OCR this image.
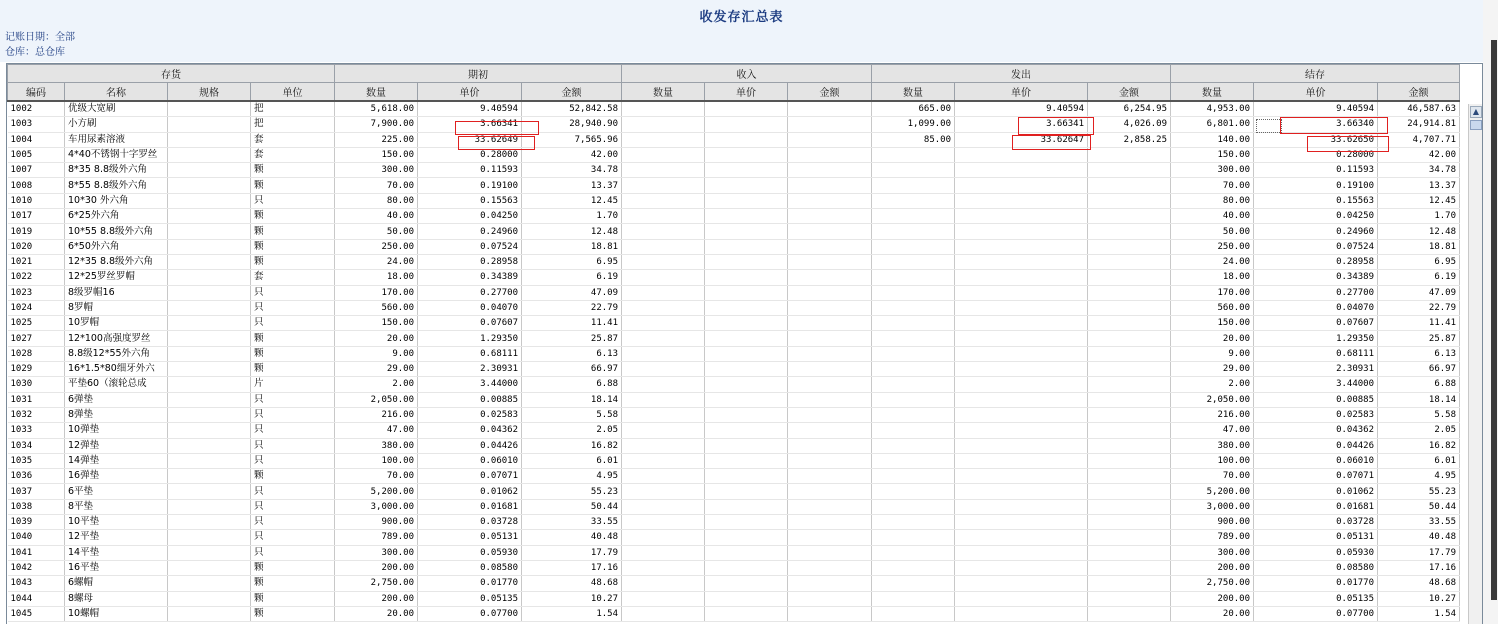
收发存汇总表
记账日期：全部
仓库：总仓库
存货				期初			收入			发出			结存		
编码	名称	规格	单位	数量	单价	金额	数量	单价	金额	数量	单价	金额	数量	单价	金额
1002	优级大宽刷		把	5,618.00	9.40594	52,842.58				665.00	9.40594	6,254.95	4,953.00	9.40594	46,587.63
1003	小方刷		把	7,900.00	3.66341	28,940.90				1,099.00	3.66341	4,026.09	6,801.00	3.66340	24,914.81
1004	车用尿素溶液		套	225.00	33.62649	7,565.96				85.00	33.62647	2,858.25	140.00	33.62650	4,707.71
1005	4*40不锈钢十字罗丝		套	150.00	0.28000	42.00							150.00	0.28000	42.00
1007	8*35 8.8级外六角		颗	300.00	0.11593	34.78							300.00	0.11593	34.78
1008	8*55 8.8级外六角		颗	70.00	0.19100	13.37							70.00	0.19100	13.37
1010	10*30 外六角		只	80.00	0.15563	12.45							80.00	0.15563	12.45
1017	6*25外六角		颗	40.00	0.04250	1.70							40.00	0.04250	1.70
1019	10*55 8.8级外六角		颗	50.00	0.24960	12.48							50.00	0.24960	12.48
1020	6*50外六角		颗	250.00	0.07524	18.81							250.00	0.07524	18.81
1021	12*35 8.8级外六角		颗	24.00	0.28958	6.95							24.00	0.28958	6.95
1022	12*25罗丝罗帽		套	18.00	0.34389	6.19							18.00	0.34389	6.19
1023	8级罗帽16		只	170.00	0.27700	47.09							170.00	0.27700	47.09
1024	8罗帽		只	560.00	0.04070	22.79							560.00	0.04070	22.79
1025	10罗帽		只	150.00	0.07607	11.41							150.00	0.07607	11.41
1027	12*100高强度罗丝		颗	20.00	1.29350	25.87							20.00	1.29350	25.87
1028	8.8级12*55外六角		颗	9.00	0.68111	6.13							9.00	0.68111	6.13
1029	16*1.5*80细牙外六		颗	29.00	2.30931	66.97							29.00	2.30931	66.97
1030	平垫60（滚轮总成		片	2.00	3.44000	6.88							2.00	3.44000	6.88
1031	6弹垫		只	2,050.00	0.00885	18.14							2,050.00	0.00885	18.14
1032	8弹垫		只	216.00	0.02583	5.58							216.00	0.02583	5.58
1033	10弹垫		只	47.00	0.04362	2.05							47.00	0.04362	2.05
1034	12弹垫		只	380.00	0.04426	16.82							380.00	0.04426	16.82
1035	14弹垫		只	100.00	0.06010	6.01							100.00	0.06010	6.01
1036	16弹垫		颗	70.00	0.07071	4.95							70.00	0.07071	4.95
1037	6平垫		只	5,200.00	0.01062	55.23							5,200.00	0.01062	55.23
1038	8平垫		只	3,000.00	0.01681	50.44							3,000.00	0.01681	50.44
1039	10平垫		只	900.00	0.03728	33.55							900.00	0.03728	33.55
1040	12平垫		只	789.00	0.05131	40.48							789.00	0.05131	40.48
1041	14平垫		只	300.00	0.05930	17.79							300.00	0.05930	17.79
1042	16平垫		颗	200.00	0.08580	17.16							200.00	0.08580	17.16
1043	6螺帽		颗	2,750.00	0.01770	48.68							2,750.00	0.01770	48.68
1044	8螺母		颗	200.00	0.05135	10.27							200.00	0.05135	10.27
1045	10螺帽		颗	20.00	0.07700	1.54							20.00	0.07700	1.54
▲
